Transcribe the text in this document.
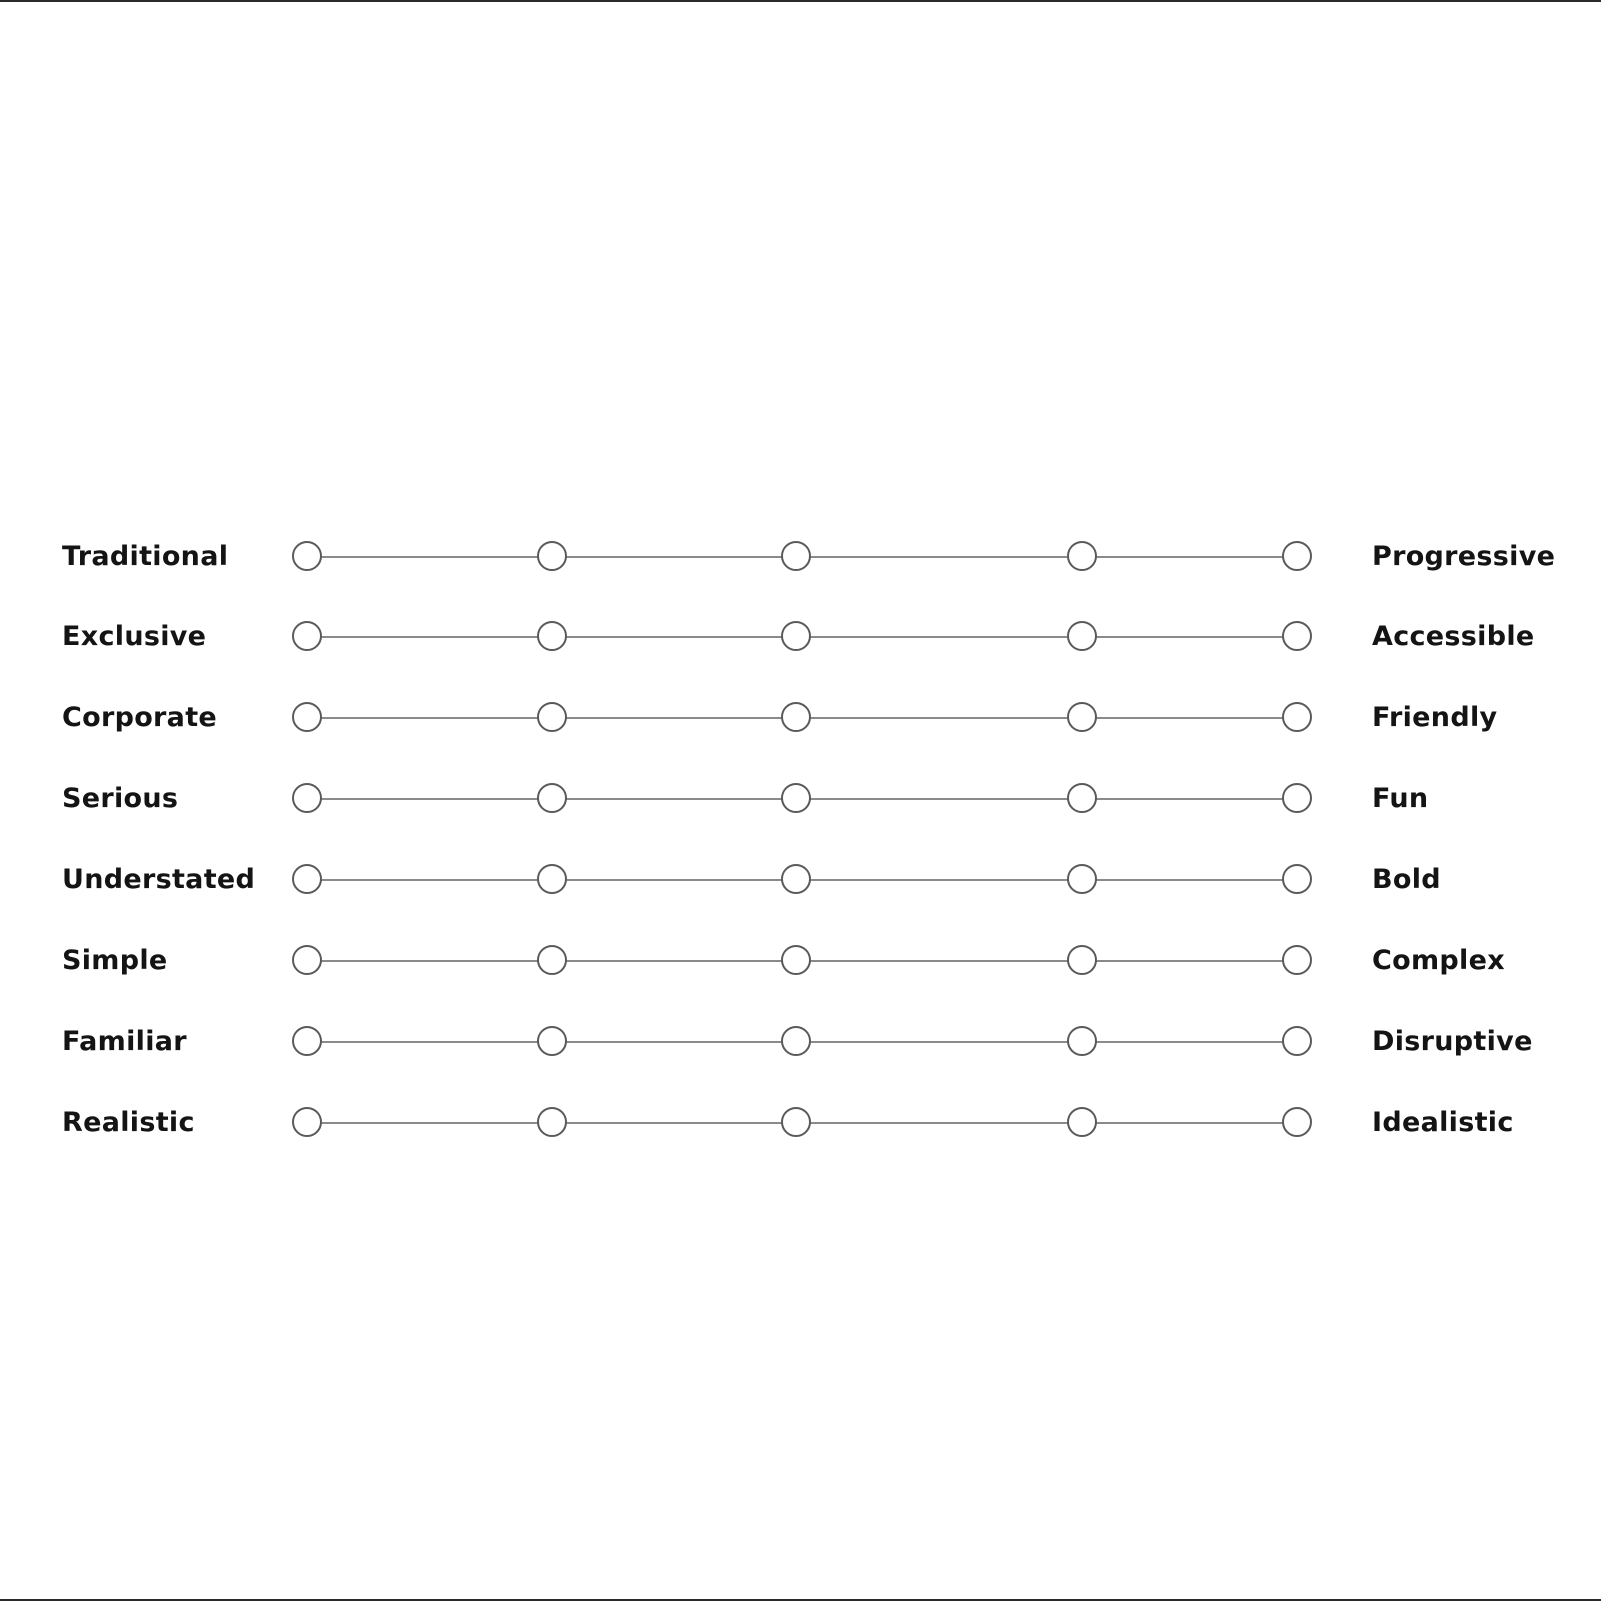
Traditional	Progressive
Exclusive	Accessible
Corporate	Friendly
Serious	Fun
Understated	Bold
Simple	Complex
Familiar	Disruptive
Realistic	Idealistic
